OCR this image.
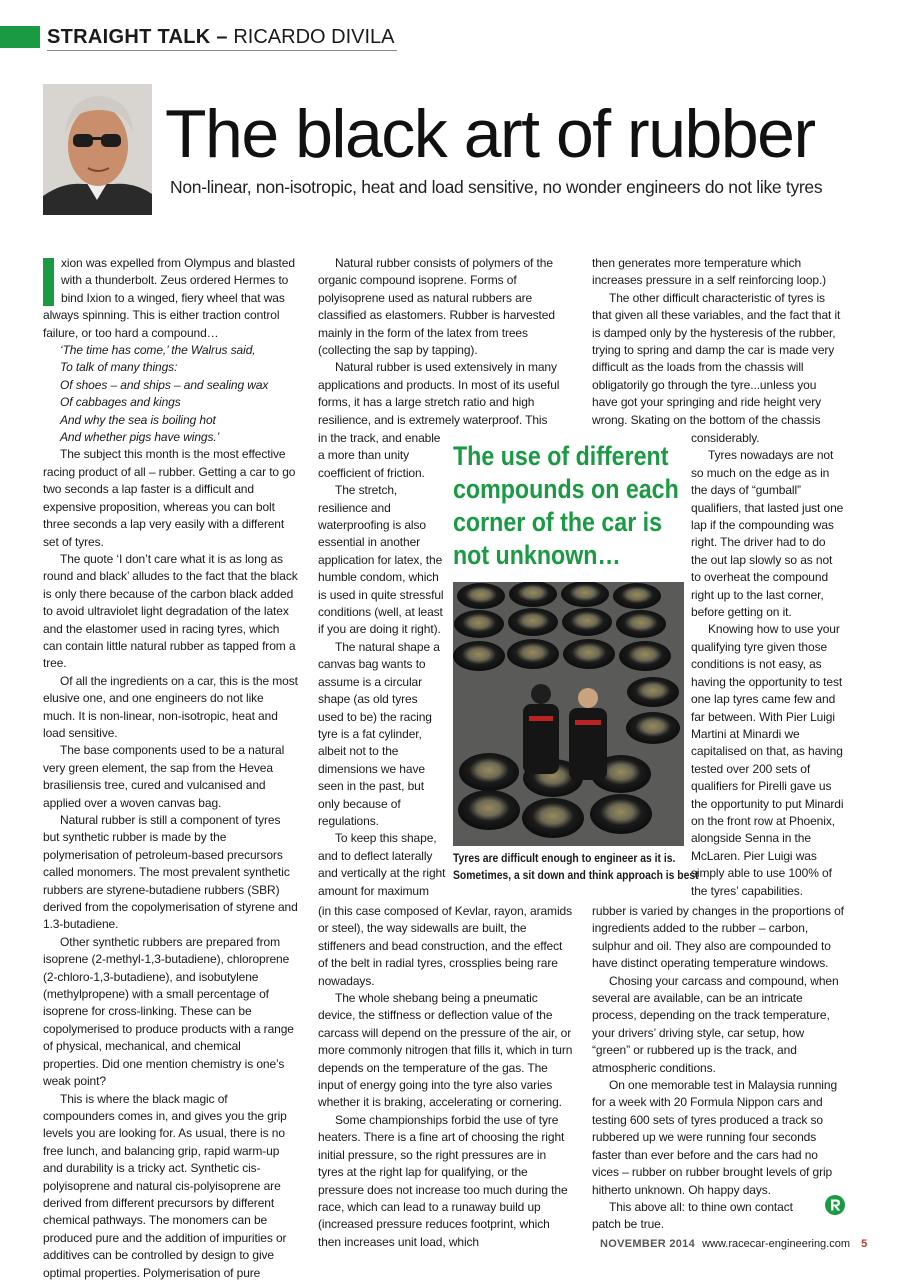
STRAIGHT TALK – RICARDO DIVILA
The black art of rubber
Non-linear, non-isotropic, heat and load sensitive, no wonder engineers do not like tyres

xion was expelled from Olympus and blasted with a thunderbolt. Zeus ordered Hermes to bind Ixion to a winged, fiery wheel that was always spinning. This is either traction control failure, or too hard a compound…

‘The time has come,’ the Walrus said,

To talk of many things:

Of shoes – and ships – and sealing wax

Of cabbages and kings

And why the sea is boiling hot

And whether pigs have wings.’

The subject this month is the most effective racing product of all – rubber. Getting a car to go two seconds a lap faster is a difficult and expensive proposition, whereas you can bolt three seconds a lap very easily with a different set of tyres.

The quote ‘I don’t care what it is as long as round and black’ alludes to the fact that the black is only there because of the carbon black added to avoid ultraviolet light degradation of the latex and the elastomer used in racing tyres, which can contain little natural rubber as tapped from a tree.

Of all the ingredients on a car, this is the most elusive one, and one engineers do not like much. It is non-linear, non-isotropic, heat and load sensitive.

The base components used to be a natural very green element, the sap from the Hevea brasiliensis tree, cured and vulcanised and applied over a woven canvas bag.

Natural rubber is still a component of tyres but synthetic rubber is made by the polymerisation of petroleum-based precursors called monomers. The most prevalent synthetic rubbers are styrene-butadiene rubbers (SBR) derived from the copolymerisation of styrene and 1.3-butadiene.

Other synthetic rubbers are prepared from isoprene (2-methyl-1,3-butadiene), chloroprene (2-chloro-1,3-butadiene), and isobutylene (methylpropene) with a small percentage of isoprene for cross-linking. These can be copolymerised to produce products with a range of physical, mechanical, and chemical properties. Did one mention chemistry is one’s weak point?

This is where the black magic of compounders comes in, and gives you the grip levels you are looking for. As usual, there is no free lunch, and balancing grip, rapid warm-up and durability is a tricky act. Synthetic cis-polyisoprene and natural cis-polyisoprene are derived from different precursors by different chemical pathways. The monomers can be produced pure and the addition of impurities or additives can be controlled by design to give optimal properties. Polymerisation of pure

Natural rubber consists of polymers of the organic compound isoprene. Forms of polyisoprene used as natural rubbers are classified as elastomers. Rubber is harvested mainly in the form of the latex from trees (collecting the sap by tapping).

Natural rubber is used extensively in many applications and products. In most of its useful forms, it has a large stretch ratio and high resilience, and is extremely waterproof. This

in the track, and enable a more than unity coefficient of friction.

The stretch, resilience and waterproofing is also essential in another application for latex, the humble condom, which is used in quite stressful conditions (well, at least if you are doing it right).

The natural shape a canvas bag wants to assume is a circular shape (as old tyres used to be) the racing tyre is a fat cylinder, albeit not to the dimensions we have seen in the past, but only because of regulations.

To keep this shape, and to deflect laterally and vertically at the right amount for maximum

(in this case composed of Kevlar, rayon, aramids or steel), the way sidewalls are built, the stiffeners and bead construction, and the effect of the belt in radial tyres, crossplies being rare nowadays.

The whole shebang being a pneumatic device, the stiffness or deflection value of the carcass will depend on the pressure of the air, or more commonly nitrogen that fills it, which in turn depends on the temperature of the gas. The input of energy going into the tyre also varies whether it is braking, accelerating or cornering.

Some championships forbid the use of tyre heaters. There is a fine art of choosing the right initial pressure, so the right pressures are in tyres at the right lap for qualifying, or the pressure does not increase too much during the race, which can lead to a runaway build up (increased pressure reduces footprint, which then increases unit load, which

then generates more temperature which increases pressure in a self reinforcing loop.)

The other difficult characteristic of tyres is that given all these variables, and the fact that it is damped only by the hysteresis of the rubber, trying to spring and damp the car is made very difficult as the loads from the chassis will obligatorily go through the tyre...unless you have got your springing and ride height very wrong. Skating on the bottom of the chassis

considerably.

Tyres nowadays are not so much on the edge as in the days of “gumball” qualifiers, that lasted just one lap if the compounding was right. The driver had to do the out lap slowly so as not to overheat the compound right up to the last corner, before getting on it.

Knowing how to use your qualifying tyre given those conditions is not easy, as having the opportunity to test one lap tyres came few and far between. With Pier Luigi Martini at Minardi we capitalised on that, as having tested over 200 sets of qualifiers for Pirelli gave us the opportunity to put Minardi on the front row at Phoenix, alongside Senna in the McLaren. Pier Luigi was simply able to use 100% of the tyres’ capabilities.

rubber is varied by changes in the proportions of ingredients added to the rubber – carbon, sulphur and oil. They also are compounded to have distinct operating temperature windows.

Chosing your carcass and compound, when several are available, can be an intricate process, depending on the track temperature, your drivers’ driving style, car setup, how “green” or rubbered up is the track, and atmospheric conditions.

On one memorable test in Malaysia running for a week with 20 Formula Nippon cars and testing 600 sets of tyres produced a track so rubbered up we were running four seconds faster than ever before and the cars had no vices – rubber on rubber brought levels of grip hitherto unknown. Oh happy days.

This above all: to thine own contact patch be true.

The use of different compounds on each corner of the car is not unknown…
Tyres are difficult enough to engineer as it is.
Sometimes, a sit down and think approach is best
NOVEMBER 2014 www.racecar-engineering.com 5
